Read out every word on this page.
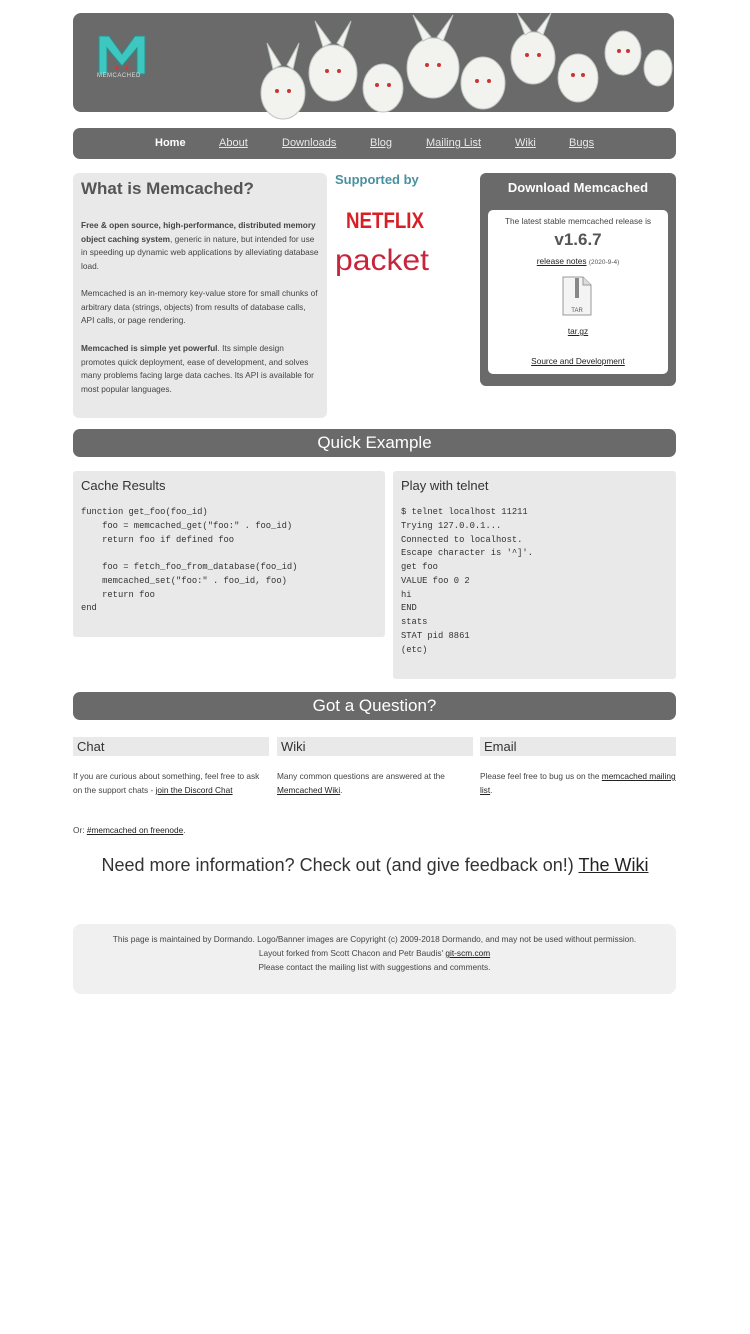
MEMCACHED
Home	About	Downloads	Blog	Mailing List	Wiki	Bugs
What is Memcached?

Free & open source, high-performance, distributed memory object caching system, generic in nature, but intended for use in speeding up dynamic web applications by alleviating database load.

Memcached is an in-memory key-value store for small chunks of arbitrary data (strings, objects) from results of database calls, API calls, or page rendering.

Memcached is simple yet powerful. Its simple design promotes quick deployment, ease of development, and solves many problems facing large data caches. Its API is available for most popular languages.

Supported by
NETFLIX
packet
Download Memcached
The latest stable memcached release is
v1.6.7
release notes (2020-9-4)
TAR
tar.gz
Source and Development
Quick Example
Cache Results
function get_foo(foo_id)
foo = memcached_get("foo:" . foo_id)
return foo if defined foo

foo = fetch_foo_from_database(foo_id)
memcached_set("foo:" . foo_id, foo)
return foo
end
Play with telnet
$ telnet localhost 11211
Trying 127.0.0.1...
Connected to localhost.
Escape character is '^]'.
get foo
VALUE foo 0 2
hi
END
stats
STAT pid 8861
(etc)
Got a Question?
Chat	Wiki	Email
If you are curious about something, feel free to ask on the support chats - join the Discord Chat
Many common questions are answered at the Memcached Wiki.
Please feel free to bug us on the memcached mailing list.
Or: #memcached on freenode.
Need more information? Check out (and give feedback on!) The Wiki
This page is maintained by Dormando. Logo/Banner images are Copyright (c) 2009-2018 Dormando, and may not be used without permission.
Layout forked from Scott Chacon and Petr Baudis' git-scm.com
Please contact the mailing list with suggestions and comments.
